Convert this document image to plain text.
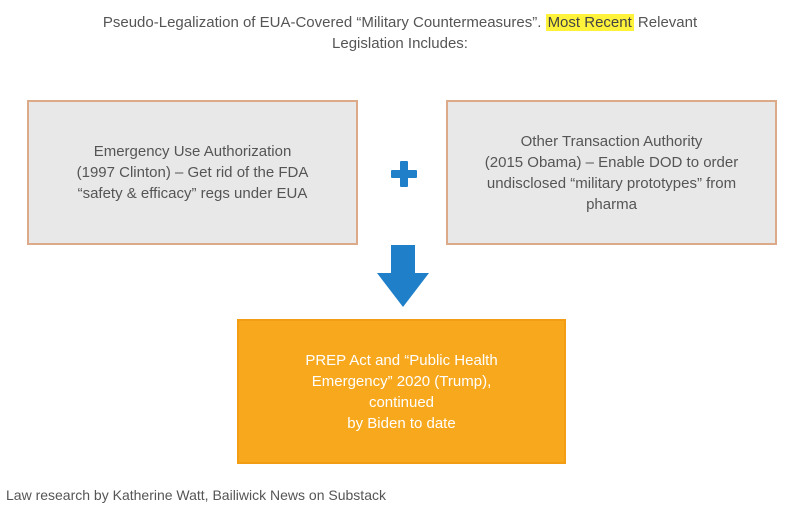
Pseudo-Legalization of EUA-Covered “Military Countermeasures”. Most Recent Relevant
Legislation Includes:
Emergency Use Authorization
(1997 Clinton) – Get rid of the FDA
“safety & efficacy” regs under EUA
Other Transaction Authority
(2015 Obama) – Enable DOD to order
undisclosed “military prototypes” from
pharma
PREP Act and “Public Health
Emergency” 2020 (Trump), continued
by Biden to date
Law research by Katherine Watt, Bailiwick News on Substack
